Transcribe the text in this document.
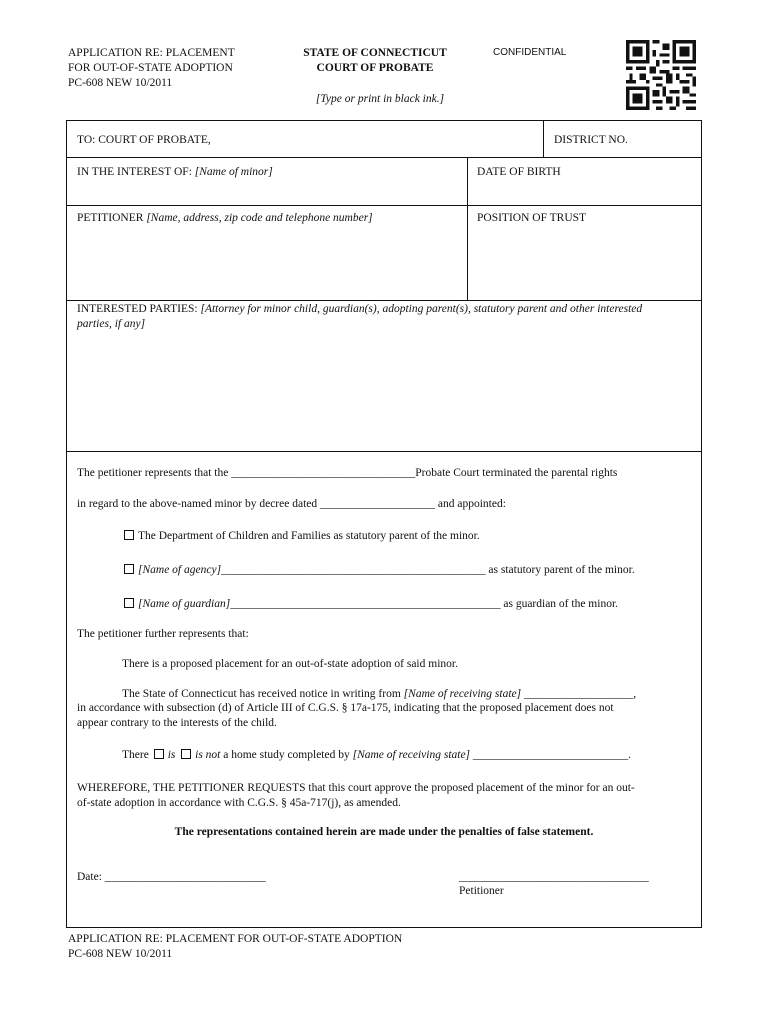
APPLICATION RE: PLACEMENT
FOR OUT-OF-STATE ADOPTION
PC-608 NEW 10/2011
STATE OF CONNECTICUT
COURT OF PROBATE
[Type or print in black ink.]
CONFIDENTIAL
TO: COURT OF PROBATE,	DISTRICT NO.
IN THE INTEREST OF: [Name of minor]	DATE OF BIRTH
PETITIONER [Name, address, zip code and telephone number]	POSITION OF TRUST
INTERESTED PARTIES: [Attorney for minor child, guardian(s), adopting parent(s), statutory parent and other interested parties, if any]
The petitioner represents that the ________________________________Probate Court terminated the parental rights
in regard to the above-named minor by decree dated ____________________ and appointed:
The Department of Children and Families as statutory parent of the minor.
[Name of agency]______________________________________________ as statutory parent of the minor.
[Name of guardian]_______________________________________________ as guardian of the minor.
The petitioner further represents that:
There is a proposed placement for an out-of-state adoption of said minor.
The State of Connecticut has received notice in writing from [Name of receiving state] ___________________,
in accordance with subsection (d) of Article III of C.G.S. § 17a-175, indicating that the proposed placement does not
appear contrary to the interests of the child.
There is is not a home study completed by [Name of receiving state] ___________________________.
WHEREFORE, THE PETITIONER REQUESTS that this court approve the proposed placement of the minor for an out-
of-state adoption in accordance with C.G.S. § 45a-717(j), as amended.
The representations contained herein are made under the penalties of false statement.
Date: ____________________________	_________________________________
Petitioner
APPLICATION RE: PLACEMENT FOR OUT-OF-STATE ADOPTION
PC-608 NEW 10/2011
